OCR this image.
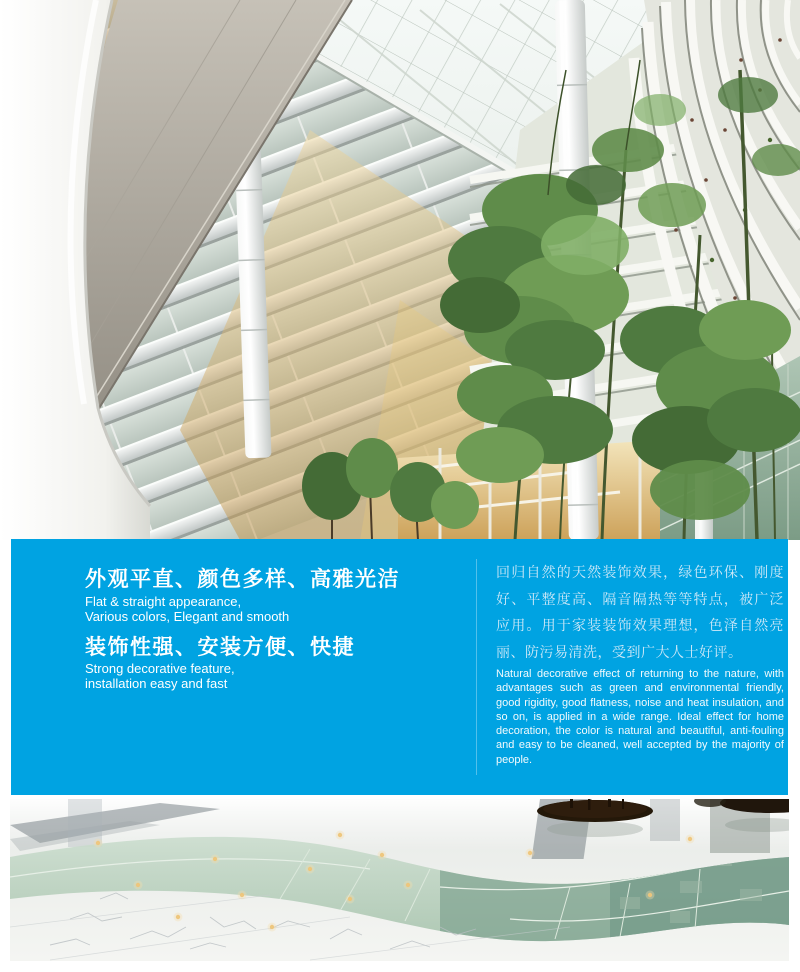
外观平直、颜色多样、高雅光洁
Flat & straight appearance,
Various colors, Elegant and smooth
装饰性强、安装方便、快捷
Strong decorative feature,
installation easy and fast
回归自然的天然装饰效果，绿色环保、刚度好、平整度高、隔音隔热等等特点，被广泛应用。用于家装装饰效果理想，色泽自然亮丽、防污易清洗，受到广大人士好评。
Natural decorative effect of returning to the nature, with advantages such as green and environmental friendly, good rigidity, good flatness, noise and heat insulation, and so on, is applied in a wide range. Ideal effect for home decoration, the color is natural and beautiful, anti-fouling and easy to be cleaned, well accepted by the majority of people.
